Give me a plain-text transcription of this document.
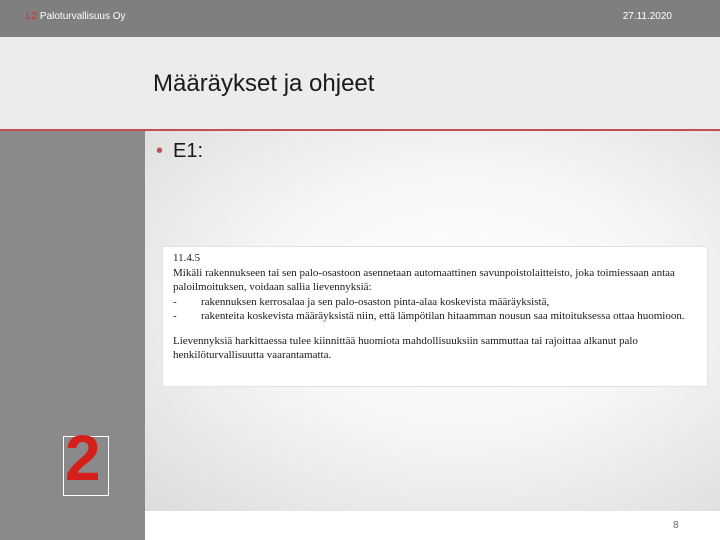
L2 Paloturvallisuus Oy	27.11.2020
Määräykset ja ohjeet
• E1:

11.4.5

Mikäli rakennukseen tai sen palo-osastoon asennetaan automaattinen savunpoistolaitteisto, joka toimiessaan antaa paloilmoituksen, voidaan sallia lievennyksiä:

-	rakennuksen kerrosalaa ja sen palo-osaston pinta-alaa koskevista määräyksistä,
-	rakenteita koskevista määräyksistä niin, että lämpötilan hitaamman nousun saa mitoituksessa ottaa huomioon.

Lievennyksiä harkittaessa tulee kiinnittää huomiota mahdollisuuksiin sammuttaa tai rajoittaa alkanut palo henkilöturvallisuutta vaarantamatta.

2
8
